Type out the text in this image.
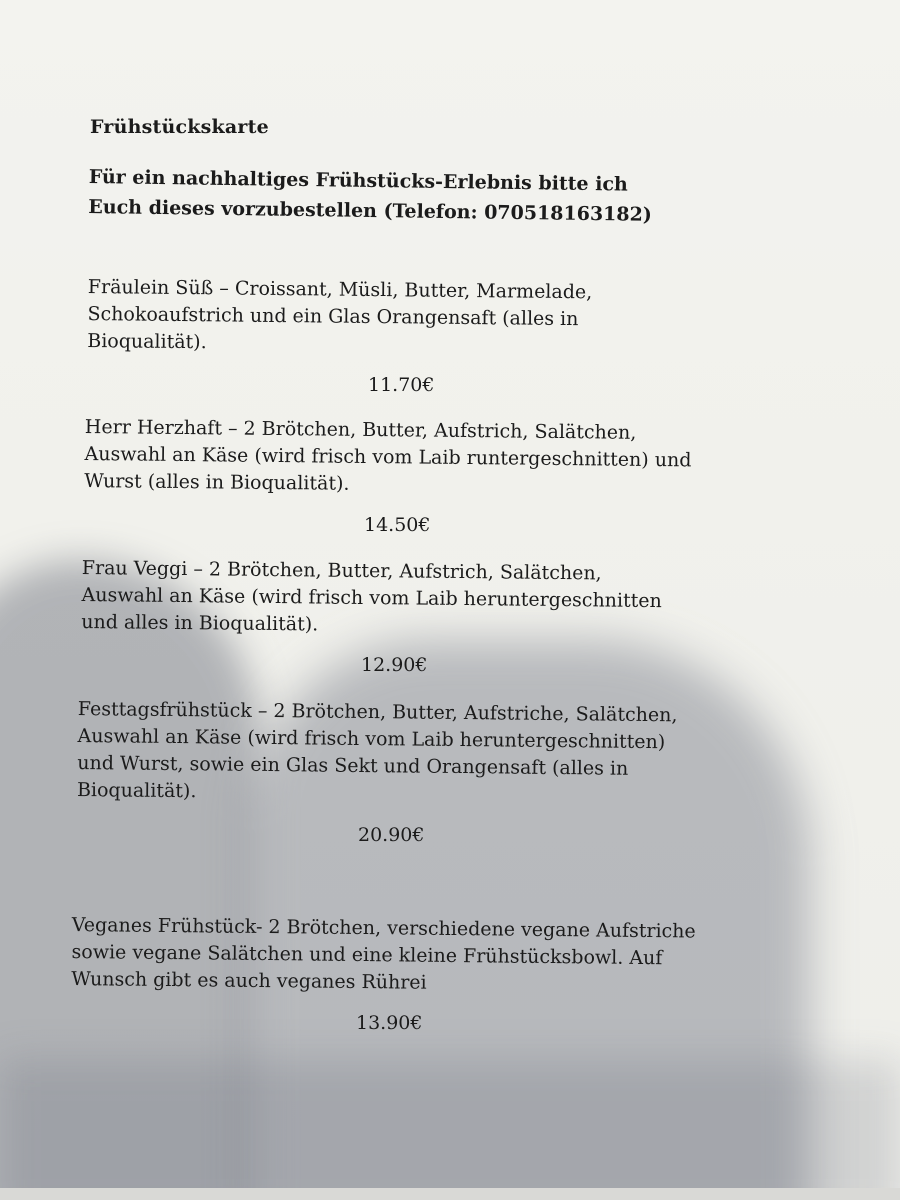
Frühstückskarte
Für ein nachhaltiges Frühstücks-Erlebnis bitte ich
Euch dieses vorzubestellen (Telefon: 070518163182)
Fräulein Süß – Croissant, Müsli, Butter, Marmelade, Schokoaufstrich und ein Glas Orangensaft (alles in Bioqualität).
11.70€
Herr Herzhaft – 2 Brötchen, Butter, Aufstrich, Salätchen, Auswahl an Käse (wird frisch vom Laib runtergeschnitten) und Wurst (alles in Bioqualität).
14.50€
Frau Veggi – 2 Brötchen, Butter, Aufstrich, Salätchen, Auswahl an Käse (wird frisch vom Laib heruntergeschnitten und alles in Bioqualität).
12.90€
Festtagsfrühstück – 2 Brötchen, Butter, Aufstriche, Salätchen, Auswahl an Käse (wird frisch vom Laib heruntergeschnitten) und Wurst, sowie ein Glas Sekt und Orangensaft (alles in Bioqualität).
20.90€
Veganes Frühstück- 2 Brötchen, verschiedene vegane Aufstriche sowie vegane Salätchen und eine kleine Frühstücksbowl. Auf Wunsch gibt es auch veganes Rührei
13.90€
